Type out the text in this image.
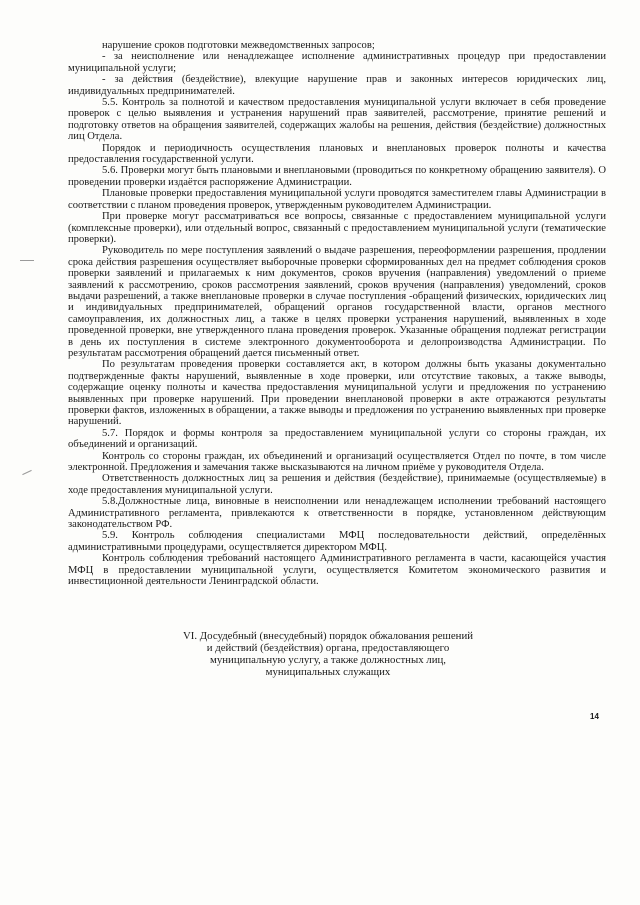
нарушение сроков подготовки межведомственных запросов;

- за неисполнение или ненадлежащее исполнение административных процедур при предоставлении муниципальной услуги;

- за действия (бездействие), влекущие нарушение прав и законных интересов юридических лиц, индивидуальных предпринимателей.

5.5. Контроль за полнотой и качеством предоставления муниципальной услуги включает в себя проведение проверок с целью выявления и устранения нарушений прав заявителей, рассмотрение, принятие решений и подготовку ответов на обращения заявителей, содержащих жалобы на решения, действия (бездействие) должностных лиц Отдела.

Порядок и периодичность осуществления плановых и внеплановых проверок полноты и качества предоставления государственной услуги.

5.6. Проверки могут быть плановыми и внеплановыми (проводиться по конкретному обращению заявителя). О проведении проверки издаётся распоряжение Администрации.

Плановые проверки предоставления муниципальной услуги проводятся заместителем главы Администрации в соответствии с планом проведения проверок, утвержденным руководителем Администрации.

При проверке могут рассматриваться все вопросы, связанные с предоставлением муниципальной услуги (комплексные проверки), или отдельный вопрос, связанный с предоставлением муниципальной услуги (тематические проверки).

Руководитель по мере поступления заявлений о выдаче разрешения, переоформлении разрешения, продлении срока действия разрешения осуществляет выборочные проверки сформированных дел на предмет соблюдения сроков проверки заявлений и прилагаемых к ним документов, сроков вручения (направления) уведомлений о приеме заявлений к рассмотрению, сроков рассмотрения заявлений, сроков вручения (направления) уведомлений, сроков выдачи разрешений, а также внеплановые проверки в случае поступления -обращений физических, юридических лиц и индивидуальных предпринимателей, обращений органов государственной власти, органов местного самоуправления, их должностных лиц, а также в целях проверки устранения нарушений, выявленных в ходе проведенной проверки, вне утвержденного плана проведения проверок. Указанные обращения подлежат регистрации в день их поступления в системе электронного документооборота и делопроизводства Администрации. По результатам рассмотрения обращений дается письменный ответ.

По результатам проведения проверки составляется акт, в котором должны быть указаны документально подтвержденные факты нарушений, выявленные в ходе проверки, или отсутствие таковых, а также выводы, содержащие оценку полноты и качества предоставления муниципальной услуги и предложения по устранению выявленных при проверке нарушений. При проведении внеплановой проверки в акте отражаются результаты проверки фактов, изложенных в обращении, а также выводы и предложения по устранению выявленных при проверке нарушений.

5.7. Порядок и формы контроля за предоставлением муниципальной услуги со стороны граждан, их объединений и организаций.

Контроль со стороны граждан, их объединений и организаций осуществляется Отдел по почте, в том числе электронной. Предложения и замечания также высказываются на личном приёме у руководителя Отдела.

Ответственность должностных лиц за решения и действия (бездействие), принимаемые (осуществляемые) в ходе предоставления муниципальной услуги.

5.8.Должностные лица, виновные в неисполнении или ненадлежащем исполнении требований настоящего Административного регламента, привлекаются к ответственности в порядке, установленном действующим законодательством РФ.

5.9. Контроль соблюдения специалистами МФЦ последовательности действий, определённых административными процедурами, осуществляется директором МФЦ.

Контроль соблюдения требований настоящего Административного регламента в части, касающейся участия МФЦ в предоставлении муниципальной услуги, осуществляется Комитетом экономического развития и инвестиционной деятельности Ленинградской области.

VI. Досудебный (внесудебный) порядок обжалования решений
и действий (бездействия) органа, предоставляющего
муниципальную услугу, а также должностных лиц,
муниципальных служащих
14
